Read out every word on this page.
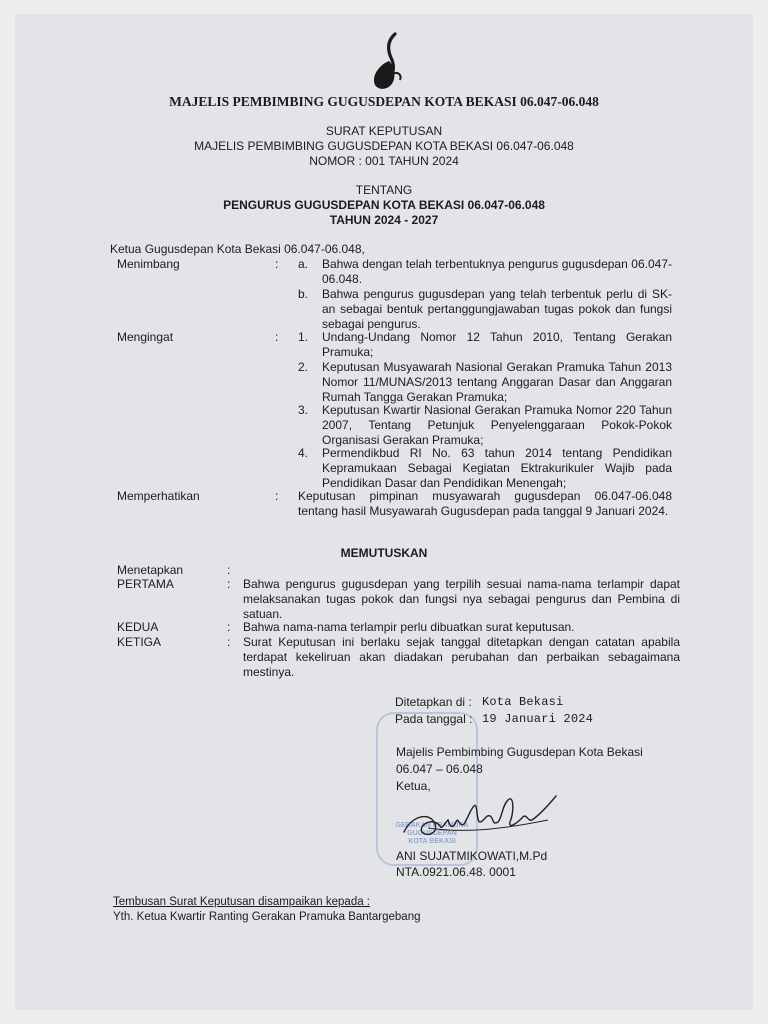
MAJELIS PEMBIMBING GUGUSDEPAN KOTA BEKASI 06.047-06.048
SURAT KEPUTUSAN
MAJELIS PEMBIMBING GUGUSDEPAN KOTA BEKASI 06.047-06.048
NOMOR : 001 TAHUN 2024
TENTANG
PENGURUS GUGUSDEPAN KOTA BEKASI 06.047-06.048
TAHUN 2024 - 2027
Ketua Gugusdepan Kota Bekasi 06.047-06.048,
Menimbang	: a. Bahwa dengan telah terbentuknya pengurus gugusdepan 06.047-06.048.
b. Bahwa pengurus gugusdepan yang telah terbentuk perlu di SK-an sebagai bentuk pertanggungjawaban tugas pokok dan fungsi sebagai pengurus.
Mengingat	: 1. Undang-Undang Nomor 12 Tahun 2010, Tentang Gerakan Pramuka;
2. Keputusan Musyawarah Nasional Gerakan Pramuka Tahun 2013 Nomor 11/MUNAS/2013 tentang Anggaran Dasar dan Anggaran Rumah Tangga Gerakan Pramuka;
3. Keputusan Kwartir Nasional Gerakan Pramuka Nomor 220 Tahun 2007, Tentang Petunjuk Penyelenggaraan Pokok-Pokok Organisasi Gerakan Pramuka;
4. Permendikbud RI No. 63 tahun 2014 tentang Pendidikan Kepramukaan Sebagai Kegiatan Ektrakurikuler Wajib pada Pendidikan Dasar dan Pendidikan Menengah;
Memperhatikan	: Keputusan pimpinan musyawarah gugusdepan 06.047-06.048 tentang hasil Musyawarah Gugusdepan pada tanggal 9 Januari 2024.
MEMUTUSKAN
Menetapkan	:
PERTAMA	: Bahwa pengurus gugusdepan yang terpilih sesuai nama-nama terlampir dapat melaksanakan tugas pokok dan fungsi nya sebagai pengurus dan Pembina di satuan.
KEDUA	: Bahwa nama-nama terlampir perlu dibuatkan surat keputusan.
KETIGA	: Surat Keputusan ini berlaku sejak tanggal ditetapkan dengan catatan apabila terdapat kekeliruan akan diadakan perubahan dan perbaikan sebagaimana mestinya.
GERAKAN PRAMUKA
GUGUSDEPAN
KOTA BEKASI
Ditetapkan di : Kota Bekasi
Pada tanggal : 19 Januari 2024
Majelis Pembimbing Gugusdepan Kota Bekasi
06.047 – 06.048
Ketua,
ANI SUJATMIKOWATI,M.Pd
NTA.0921.06.48. 0001
Tembusan Surat Keputusan disampaikan kepada :
Yth. Ketua Kwartir Ranting Gerakan Pramuka Bantargebang
